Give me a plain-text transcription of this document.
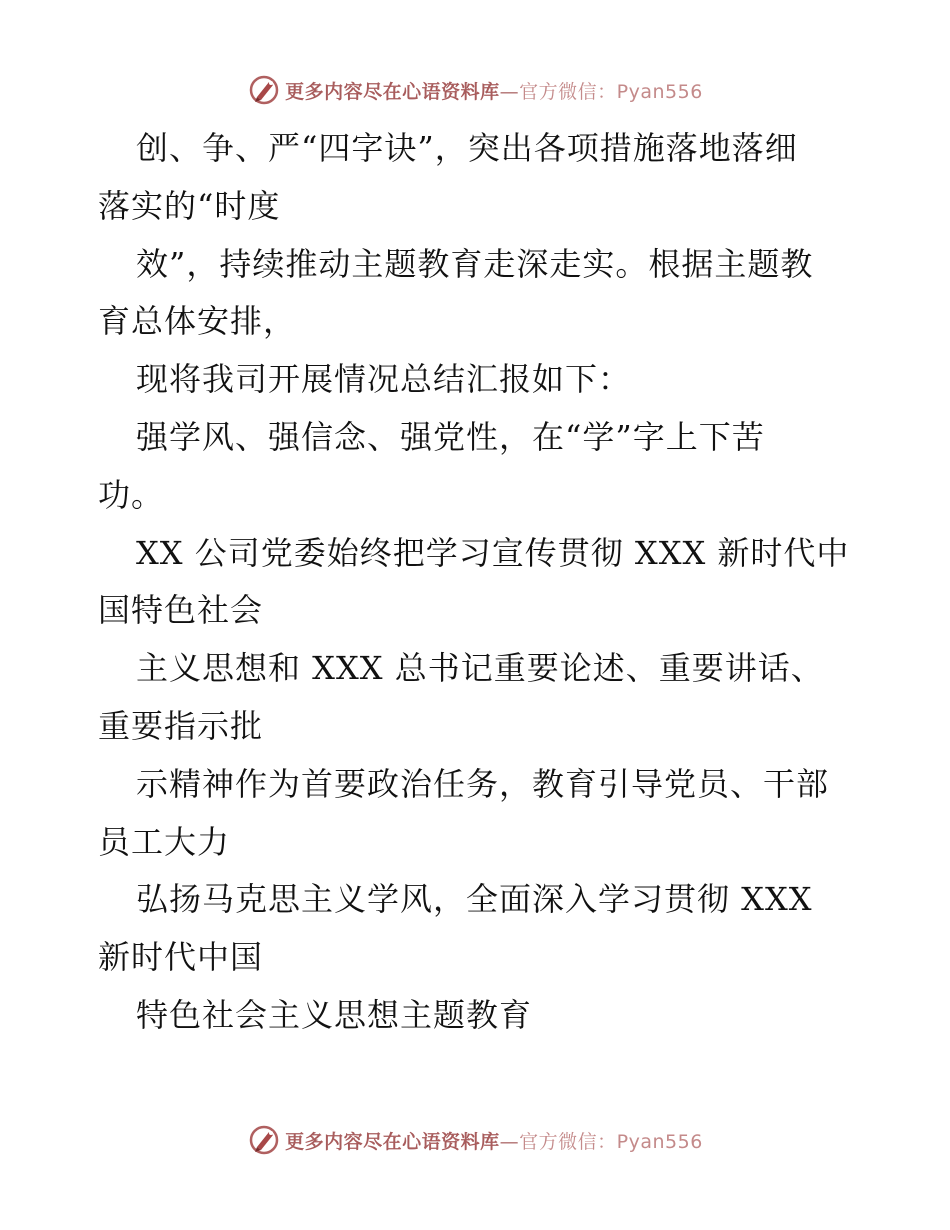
更多内容尽在心语资料库—官方微信：Pyan556
创、争、严“四字诀”，突出各项措施落地落细
落实的“时度
效”，持续推动主题教育走深走实。根据主题教
育总体安排，
现将我司开展情况总结汇报如下：
强学风、强信念、强党性，在“学”字上下苦
功。
XX 公司党委始终把学习宣传贯彻 XXX 新时代中
国特色社会
主义思想和 XXX 总书记重要论述、重要讲话、
重要指示批
示精神作为首要政治任务，教育引导党员、干部
员工大力
弘扬马克思主义学风，全面深入学习贯彻 XXX
新时代中国
特色社会主义思想主题教育
更多内容尽在心语资料库—官方微信：Pyan556
